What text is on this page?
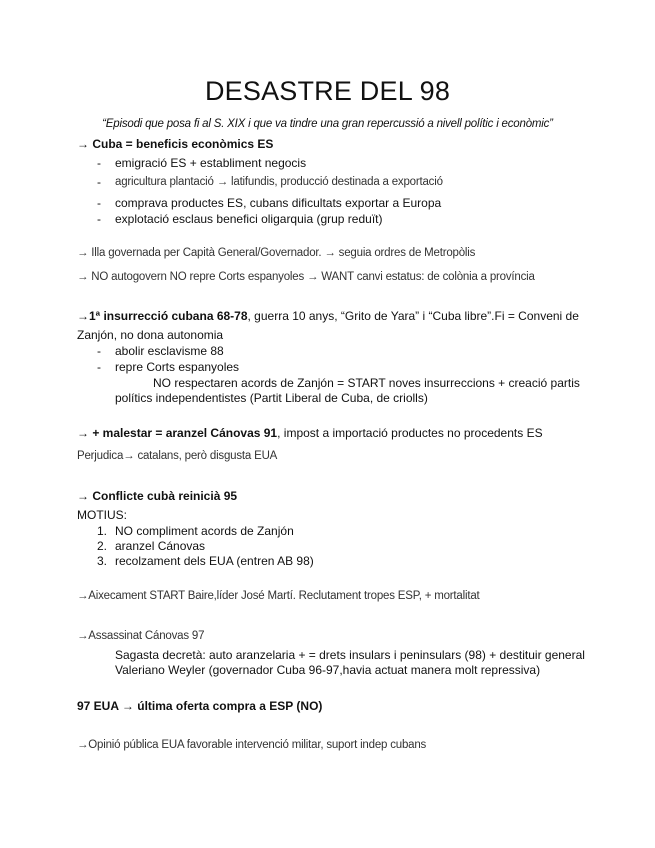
DESASTRE DEL 98
“Episodi que posa fi al S. XIX i que va tindre una gran repercussió a nivell polític i econòmic”
→ Cuba = beneficis econòmics ES
- emigració ES + establiment negocis
- agricultura plantació → latifundis, producció destinada a exportació
- comprava productes ES, cubans dificultats exportar a Europa
- explotació esclaus benefici oligarquia (grup reduït)
→ Illa governada per Capità General/Governador. → seguia ordres de Metropòlis
→ NO autogovern NO repre Corts espanyoles → WANT canvi estatus: de colònia a província
→1ª insurrecció cubana 68-78, guerra 10 anys, “Grito de Yara” i “Cuba libre”.Fi = Conveni de
Zanjón, no dona autonomia
- abolir esclavisme 88
- repre Corts espanyoles
NO respectaren acords de Zanjón = START noves insurreccions + creació partis
polítics independentistes (Partit Liberal de Cuba, de criolls)
→ + malestar = aranzel Cánovas 91, impost a importació productes no procedents ES
Perjudica→ catalans, però disgusta EUA
→ Conflicte cubà reinicià 95
MOTIUS:
1. NO compliment acords de Zanjón
2. aranzel Cánovas
3. recolzament dels EUA (entren AB 98)
→Aixecament START Baire,líder José Martí. Reclutament tropes ESP, + mortalitat
→Assassinat Cánovas 97
Sagasta decretà: auto aranzelaria + = drets insulars i peninsulars (98) + destituir general
Valeriano Weyler (governador Cuba 96-97,havia actuat manera molt repressiva)
97 EUA → última oferta compra a ESP (NO)
→Opinió pública EUA favorable intervenció militar, suport indep cubans
